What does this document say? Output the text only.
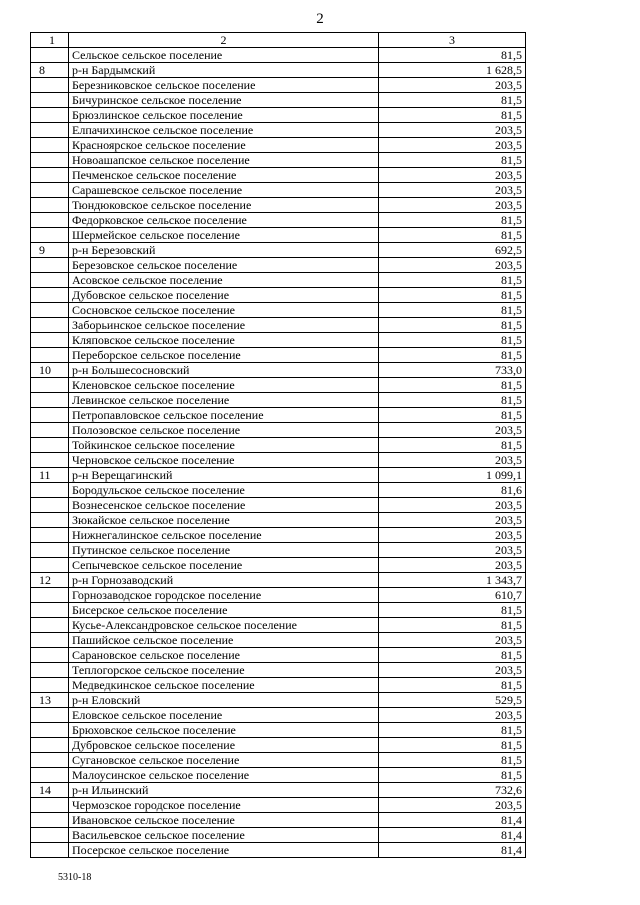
2
1	2	3
	Сельское сельское поселение	81,5
8	р-н Бардымский	1 628,5
	Березниковское сельское поселение	203,5
	Бичуринское сельское поселение	81,5
	Брюзлинское сельское поселение	81,5
	Елпачихинское сельское поселение	203,5
	Красноярское сельское поселение	203,5
	Новоашапское сельское поселение	81,5
	Печменское сельское поселение	203,5
	Сарашевское сельское поселение	203,5
	Тюндюковское сельское поселение	203,5
	Федорковское сельское поселение	81,5
	Шермейское сельское поселение	81,5
9	р-н Березовский	692,5
	Березовское сельское поселение	203,5
	Асовское сельское поселение	81,5
	Дубовское сельское поселение	81,5
	Сосновское сельское поселение	81,5
	Заборьинское сельское поселение	81,5
	Кляповское сельское поселение	81,5
	Переборское сельское поселение	81,5
10	р-н Большесосновский	733,0
	Кленовское сельское поселение	81,5
	Левинское сельское поселение	81,5
	Петропавловское сельское поселение	81,5
	Полозовское сельское поселение	203,5
	Тойкинское сельское поселение	81,5
	Черновское сельское поселение	203,5
11	р-н Верещагинский	1 099,1
	Бородульское сельское поселение	81,6
	Вознесенское сельское поселение	203,5
	Зюкайское сельское поселение	203,5
	Нижнегалинское сельское поселение	203,5
	Путинское сельское поселение	203,5
	Сепычевское сельское поселение	203,5
12	р-н Горнозаводский	1 343,7
	Горнозаводское городское поселение	610,7
	Бисерское сельское поселение	81,5
	Кусье-Александровское сельское поселение	81,5
	Пашийское сельское поселение	203,5
	Сарановское сельское поселение	81,5
	Теплогорское сельское поселение	203,5
	Медведкинское сельское поселение	81,5
13	р-н Еловский	529,5
	Еловское сельское поселение	203,5
	Брюховское сельское поселение	81,5
	Дубровское сельское поселение	81,5
	Сугановское сельское поселение	81,5
	Малоусинское сельское поселение	81,5
14	р-н Ильинский	732,6
	Чермозское городское поселение	203,5
	Ивановское сельское поселение	81,4
	Васильевское сельское поселение	81,4
	Посерское сельское поселение	81,4
5310-18
